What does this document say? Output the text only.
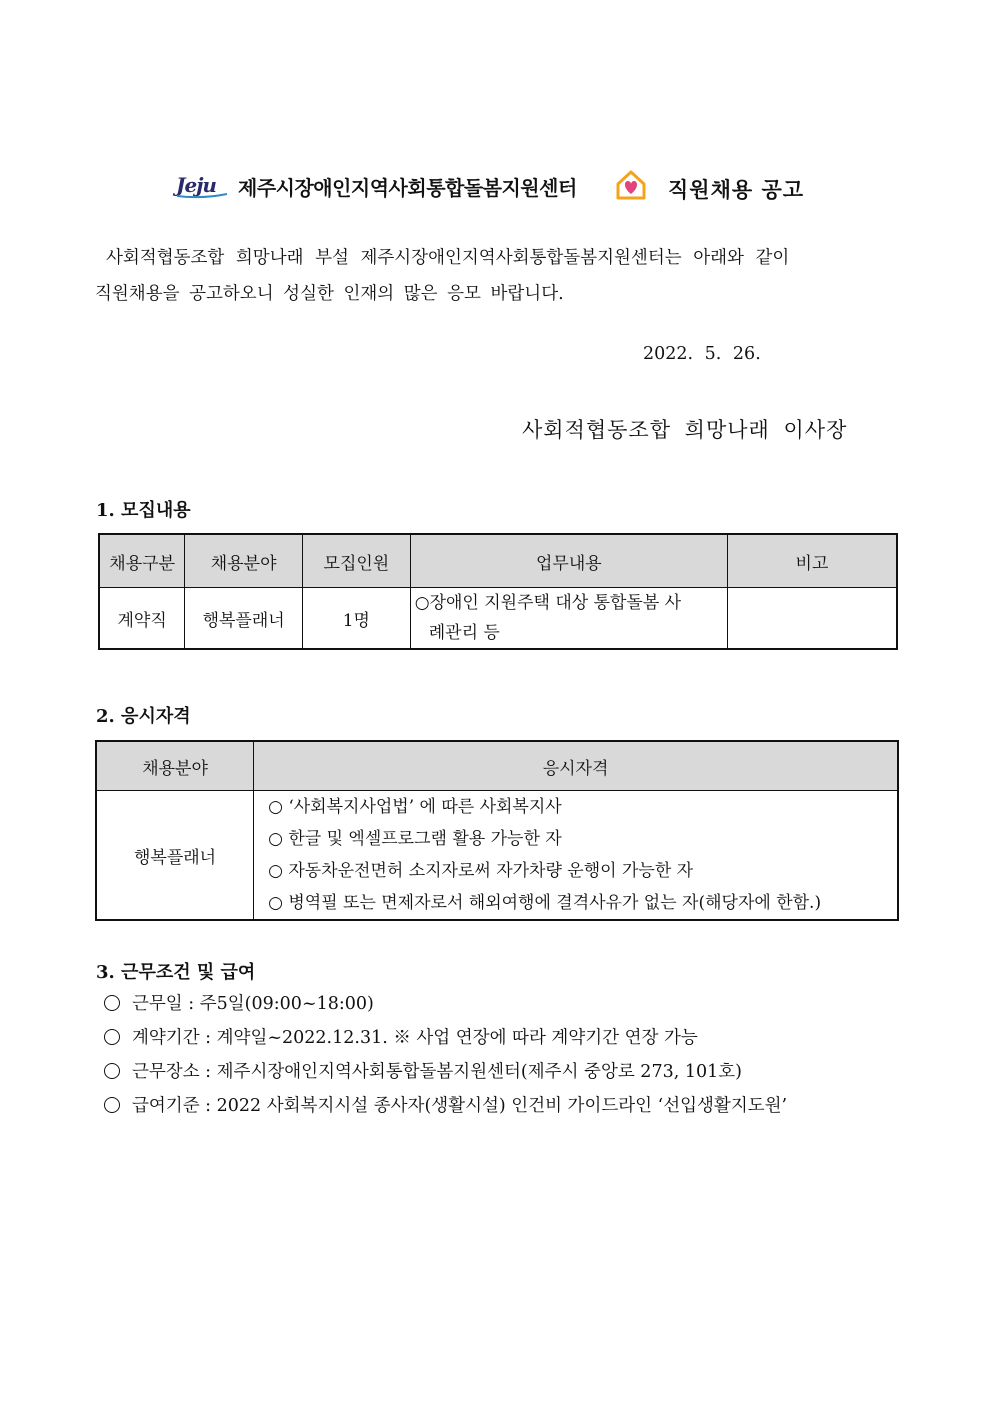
Jeju 제주시장애인지역사회통합돌봄지원센터	직원채용 공고
사회적협동조합 희망나래 부설 제주시장애인지역사회통합돌봄지원센터는 아래와 같이
직원채용을 공고하오니 성실한 인재의 많은 응모 바랍니다.
2022. 5. 26.
사회적협동조합 희망나래 이사장
1. 모집내용
채용구분	채용분야	모집인원	업무내용	비고
계약직	행복플래너	1명	○장애인 지원주택 대상 통합돌봄 사
례관리 등	

2. 응시자격
채용분야	응시자격
행복플래너	○ ‘사회복지사업법’ 에 따른 사회복지사
○ 한글 및 엑셀프로그램 활용 가능한 자
○ 자동차운전면허 소지자로써 자가차량 운행이 가능한 자
○ 병역필 또는 면제자로서 해외여행에 결격사유가 없는 자(해당자에 한함.)
3. 근무조건 및 급여
근무일 : 주5일(09:00~18:00)
계약기간 : 계약일~2022.12.31. ※ 사업 연장에 따라 계약기간 연장 가능
근무장소 : 제주시장애인지역사회통합돌봄지원센터(제주시 중앙로 273, 101호)
급여기준 : 2022 사회복지시설 종사자(생활시설) 인건비 가이드라인 ‘선입생활지도원’
